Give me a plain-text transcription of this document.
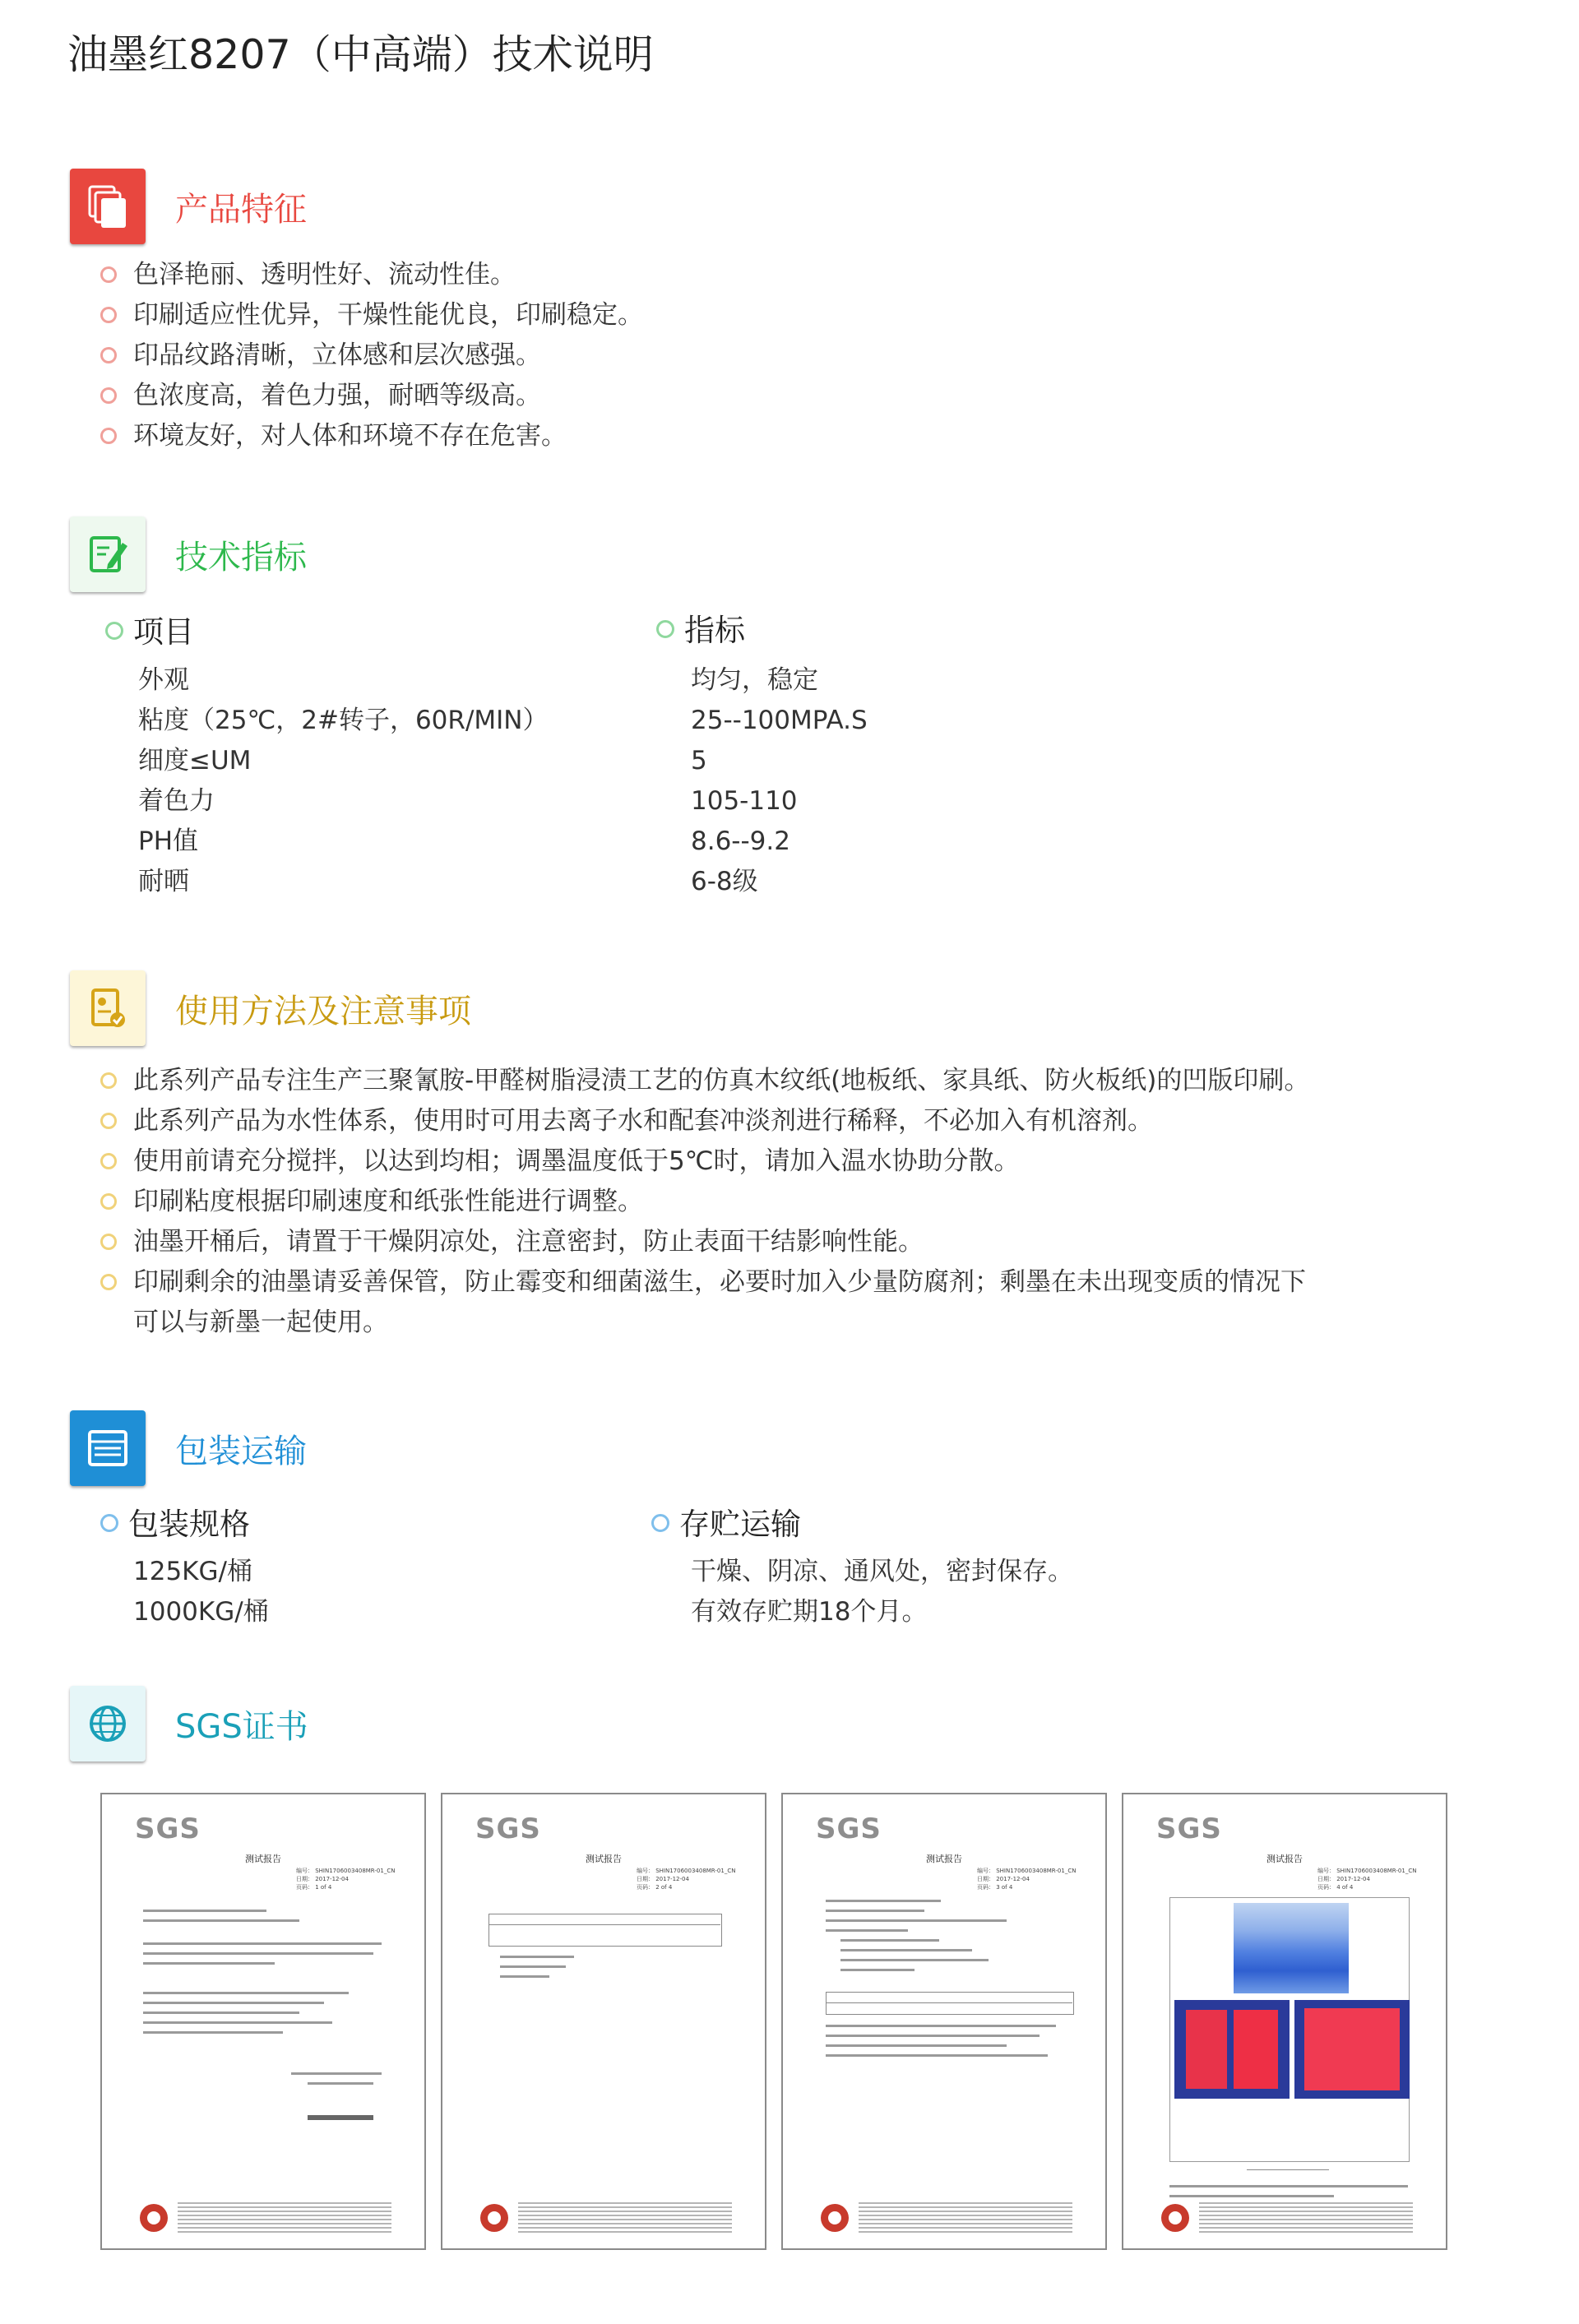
油墨红8207（中高端）技术说明
产品特征
色泽艳丽、透明性好、流动性佳。
印刷适应性优异，干燥性能优良，印刷稳定。
印品纹路清晰，立体感和层次感强。
色浓度高，着色力强，耐晒等级高。
环境友好，对人体和环境不存在危害。
技术指标
项目	指标
外观
粘度（25℃，2#转子，60R/MIN）
细度≤UM
着色力
PH值
耐晒
均匀，稳定
25--100MPA.S
5
105-110
8.6--9.2
6-8级
使用方法及注意事项
此系列产品专注生产三聚氰胺-甲醛树脂浸渍工艺的仿真木纹纸(地板纸、家具纸、防火板纸)的凹版印刷。
此系列产品为水性体系，使用时可用去离子水和配套冲淡剂进行稀释，不必加入有机溶剂。
使用前请充分搅拌，以达到均相；调墨温度低于5℃时，请加入温水协助分散。
印刷粘度根据印刷速度和纸张性能进行调整。
油墨开桶后，请置于干燥阴凉处，注意密封，防止表面干结影响性能。
印刷剩余的油墨请妥善保管，防止霉变和细菌滋生，必要时加入少量防腐剂；剩墨在未出现变质的情况下
可以与新墨一起使用。
包装运输
包装规格	存贮运输
125KG/桶
1000KG/桶
干燥、阴凉、通风处，密封保存。
有效存贮期18个月。
SGS证书
SGS
测试报告
编号： SHIN1706003408MR-01_CN
日期： 2017-12-04
页码： 1 of 4
SGS
测试报告
编号： SHIN1706003408MR-01_CN
日期： 2017-12-04
页码： 2 of 4
SGS
测试报告
编号： SHIN1706003408MR-01_CN
日期： 2017-12-04
页码： 3 of 4
SGS
测试报告
编号： SHIN1706003408MR-01_CN
日期： 2017-12-04
页码： 4 of 4
